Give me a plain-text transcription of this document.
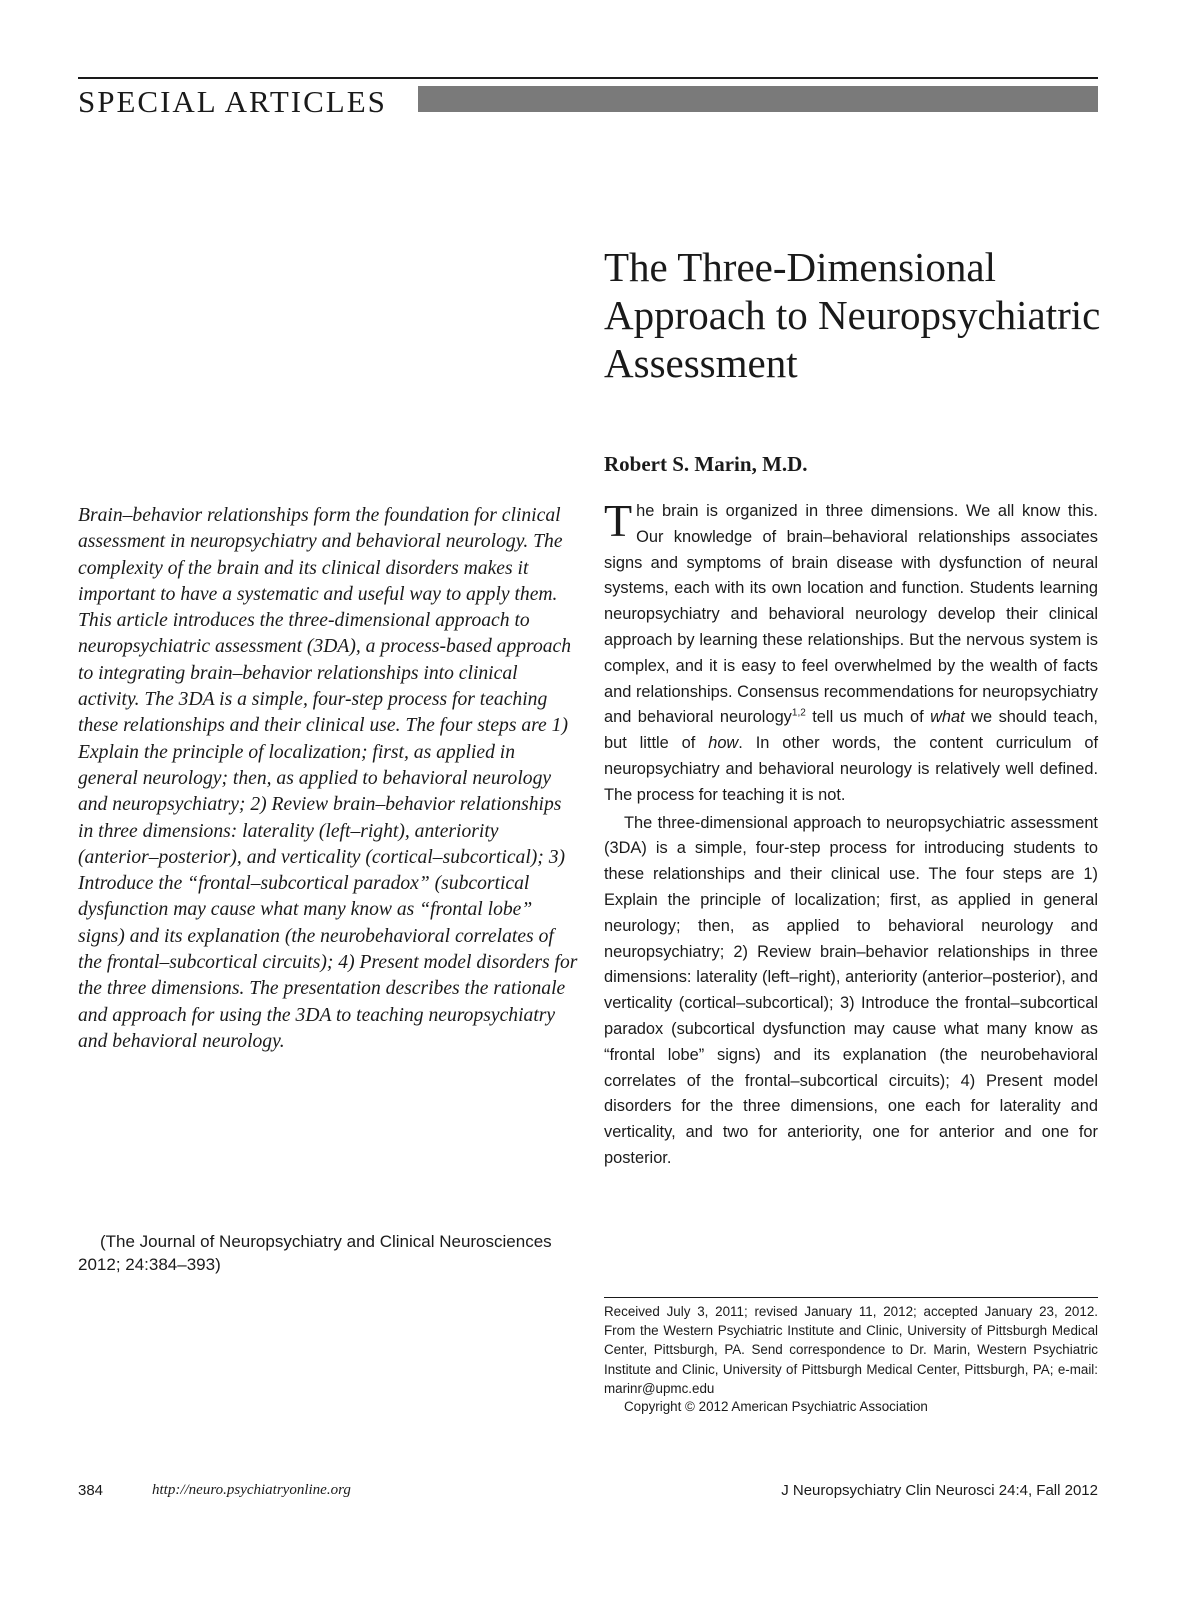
SPECIAL ARTICLES
The Three-Dimensional Approach to Neuropsychiatric Assessment
Robert S. Marin, M.D.

Brain–behavior relationships form the foundation for clinical assessment in neuropsychiatry and behavioral neurology. The complexity of the brain and its clinical disorders makes it important to have a systematic and useful way to apply them. This article introduces the three-dimensional approach to neuropsychiatric assessment (3DA), a process-based approach to integrating brain–behavior relationships into clinical activity. The 3DA is a simple, four-step process for teaching these relationships and their clinical use. The four steps are 1) Explain the principle of localization; first, as applied in general neurology; then, as applied to behavioral neurology and neuropsychiatry; 2) Review brain–behavior relationships in three dimensions: laterality (left–right), anteriority (anterior–posterior), and verticality (cortical–subcortical); 3) Introduce the “frontal–subcortical paradox” (subcortical dysfunction may cause what many know as “frontal lobe” signs) and its explanation (the neurobehavioral correlates of the frontal–subcortical circuits); 4) Present model disorders for the three dimensions. The presentation describes the rationale and approach for using the 3DA to teaching neuropsychiatry and behavioral neurology.

(The Journal of Neuropsychiatry and Clinical Neurosciences 2012; 24:384–393)

The brain is organized in three dimensions. We all know this. Our knowledge of brain–behavioral relationships associates signs and symptoms of brain disease with dysfunction of neural systems, each with its own location and function. Students learning neuropsychiatry and behavioral neurology develop their clinical approach by learning these relationships. But the nervous system is complex, and it is easy to feel overwhelmed by the wealth of facts and relationships. Consensus recommendations for neuropsychiatry and behavioral neurology$^{1,2}$ tell us much of what we should teach, but little of how. In other words, the content curriculum of neuropsychiatry and behavioral neurology is relatively well defined. The process for teaching it is not.

The three-dimensional approach to neuropsychiatric assessment (3DA) is a simple, four-step process for introducing students to these relationships and their clinical use. The four steps are 1) Explain the principle of localization; first, as applied in general neurology; then, as applied to behavioral neurology and neuropsychiatry; 2) Review brain–behavior relationships in three dimensions: laterality (left–right), anteriority (anterior–posterior), and verticality (cortical–subcortical); 3) Introduce the frontal–subcortical paradox (subcortical dysfunction may cause what many know as “frontal lobe” signs) and its explanation (the neurobehavioral correlates of the frontal–subcortical circuits); 4) Present model disorders for the three dimensions, one each for laterality and verticality, and two for anteriority, one for anterior and one for posterior.

Received July 3, 2011; revised January 11, 2012; accepted January 23, 2012. From the Western Psychiatric Institute and Clinic, University of Pittsburgh Medical Center, Pittsburgh, PA. Send correspondence to Dr. Marin, Western Psychiatric Institute and Clinic, University of Pittsburgh Medical Center, Pittsburgh, PA; e-mail: marinr@upmc.edu

Copyright © 2012 American Psychiatric Association
384	http://neuro.psychiatryonline.org	J Neuropsychiatry Clin Neurosci 24:4, Fall 2012
